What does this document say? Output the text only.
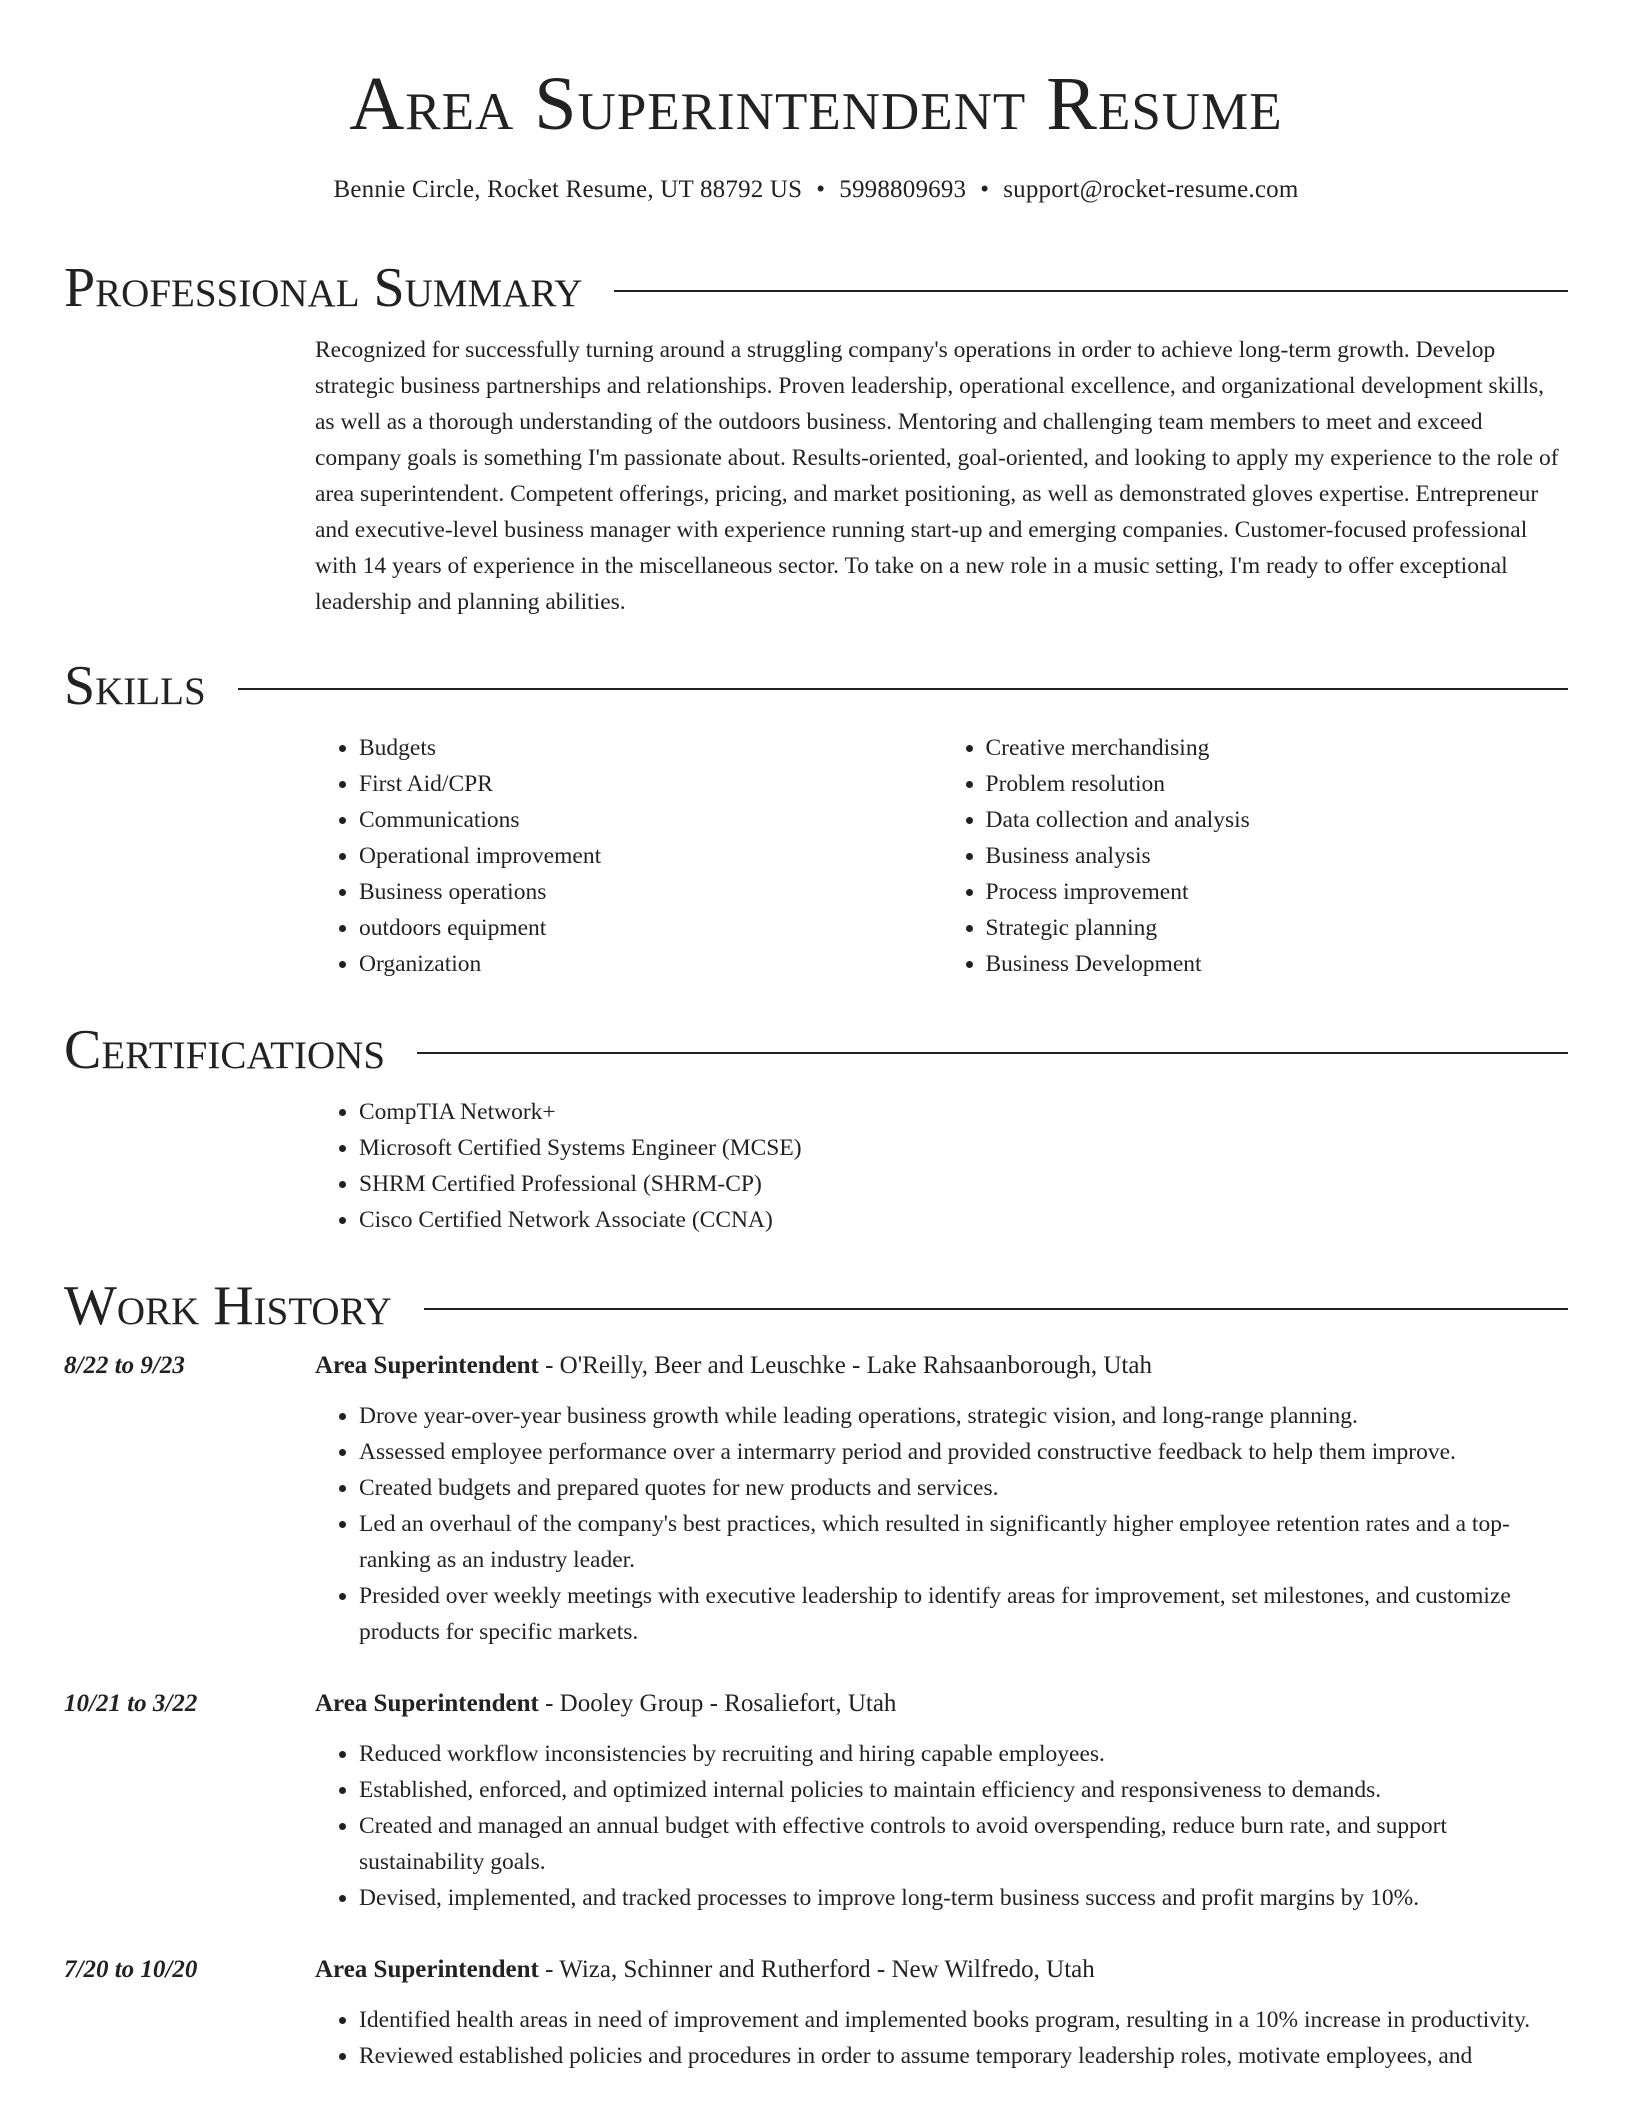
Area Superintendent Resume
Bennie Circle, Rocket Resume, UT 88792 US • 5998809693 • support@rocket-resume.com
Professional Summary

Recognized for successfully turning around a struggling company's operations in order to achieve long-term growth. Develop strategic business partnerships and relationships. Proven leadership, operational excellence, and organizational development skills, as well as a thorough understanding of the outdoors business. Mentoring and challenging team members to meet and exceed company goals is something I'm passionate about. Results-oriented, goal-oriented, and looking to apply my experience to the role of area superintendent. Competent offerings, pricing, and market positioning, as well as demonstrated gloves expertise. Entrepreneur and executive-level business manager with experience running start-up and emerging companies. Customer-focused professional with 14 years of experience in the miscellaneous sector. To take on a new role in a music setting, I'm ready to offer exceptional leadership and planning abilities.

Skills
• Budgets
• First Aid/CPR
• Communications
• Operational improvement
• Business operations
• outdoors equipment
• Organization
• Creative merchandising
• Problem resolution
• Data collection and analysis
• Business analysis
• Process improvement
• Strategic planning
• Business Development
Certifications
• CompTIA Network+
• Microsoft Certified Systems Engineer (MCSE)
• SHRM Certified Professional (SHRM-CP)
• Cisco Certified Network Associate (CCNA)
Work History
8/22 to 9/23	Area Superintendent - O'Reilly, Beer and Leuschke - Lake Rahsaanborough, Utah
• Drove year-over-year business growth while leading operations, strategic vision, and long-range planning.
• Assessed employee performance over a intermarry period and provided constructive feedback to help them improve.
• Created budgets and prepared quotes for new products and services.
• Led an overhaul of the company's best practices, which resulted in significantly higher employee retention rates and a top-ranking as an industry leader.
• Presided over weekly meetings with executive leadership to identify areas for improvement, set milestones, and customize products for specific markets.
10/21 to 3/22	Area Superintendent - Dooley Group - Rosaliefort, Utah
• Reduced workflow inconsistencies by recruiting and hiring capable employees.
• Established, enforced, and optimized internal policies to maintain efficiency and responsiveness to demands.
• Created and managed an annual budget with effective controls to avoid overspending, reduce burn rate, and support sustainability goals.
• Devised, implemented, and tracked processes to improve long-term business success and profit margins by 10%.
7/20 to 10/20	Area Superintendent - Wiza, Schinner and Rutherford - New Wilfredo, Utah
• Identified health areas in need of improvement and implemented books program, resulting in a 10% increase in productivity.
• Reviewed established policies and procedures in order to assume temporary leadership roles, motivate employees, and
